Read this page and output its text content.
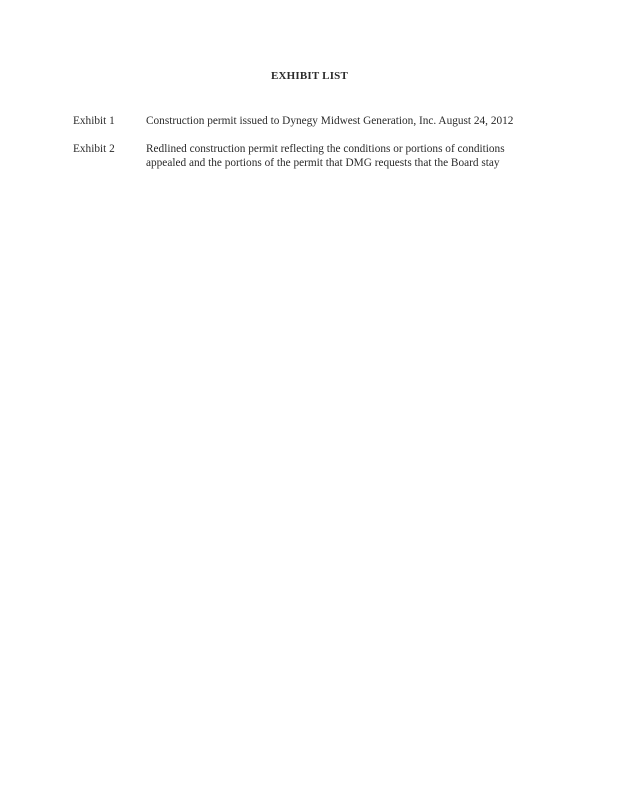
EXHIBIT LIST
Exhibit 1	Construction permit issued to Dynegy Midwest Generation, Inc. August 24, 2012
Exhibit 2	Redlined construction permit reflecting the conditions or portions of conditions appealed and the portions of the permit that DMG requests that the Board stay
